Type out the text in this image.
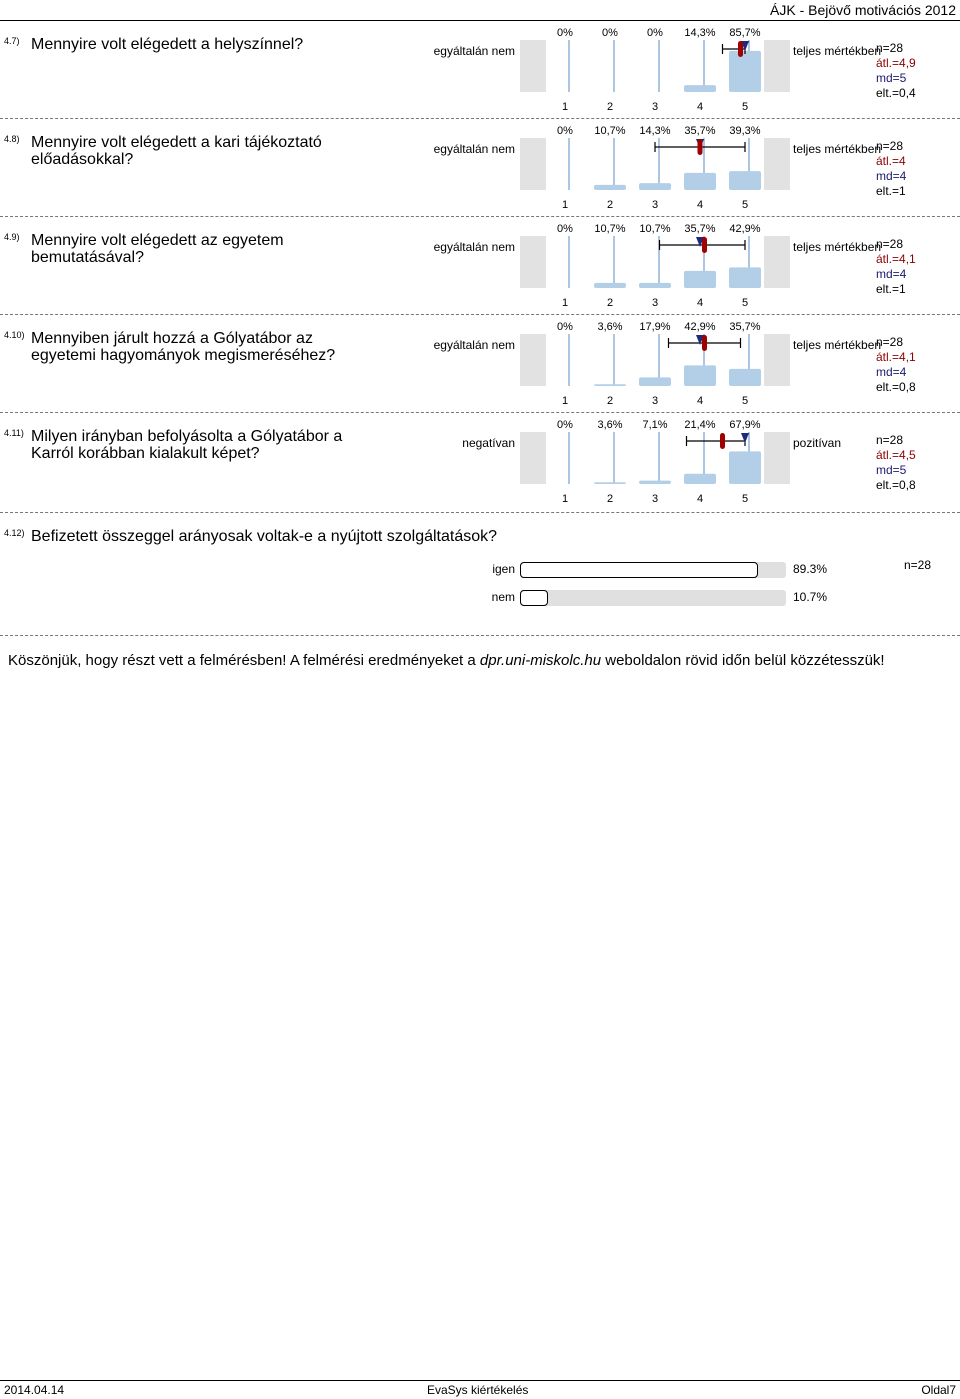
ÁJK - Bejövő motivációs 2012
4.7) Mennyire volt elégedett a helyszínnel?	egyáltalán nem	teljes mértékben
n=28
átl.=4,9
md=5
elt.=0,4
0%	0%	0% 14,3% 85,7%
1	2	3	4	5
4.8) Mennyire volt elégedett a kari tájékoztató előadásokkal?
egyáltalán nem	teljes mértékben
n=28
átl.=4
md=4
elt.=1
0% 10,7% 14,3% 35,7% 39,3%
1	2	3	4	5
4.9) Mennyire volt elégedett az egyetem bemutatásával?
egyáltalán nem	teljes mértékben
n=28
átl.=4,1
md=4
elt.=1
0% 10,7% 10,7% 35,7% 42,9%
1	2	3	4	5
4.10) Mennyiben járult hozzá a Gólyatábor az egyetemi hagyományok megismeréséhez?
egyáltalán nem	teljes mértékben
n=28
átl.=4,1
md=4
elt.=0,8
0% 3,6% 17,9% 42,9% 35,7%
1	2	3	4	5
4.11) Milyen irányban befolyásolta a Gólyatábor a Karról korábban kialakult képet?
negatívan	pozitívan	n=28
átl.=4,5
md=5
elt.=0,8
0% 3,6% 7,1% 21,4% 67,9%
1	2	3	4	5
4.12) Befizetett összeggel arányosak voltak-e a nyújtott szolgáltatások?
igen	89.3%
nem	10.7%
n=28
Köszönjük, hogy részt vett a felmérésben! A felmérési eredményeket a dpr.uni-miskolc.hu weboldalon rövid időn belül közzétesszük!
2014.04.14	EvaSys kiértékelés	Oldal7
